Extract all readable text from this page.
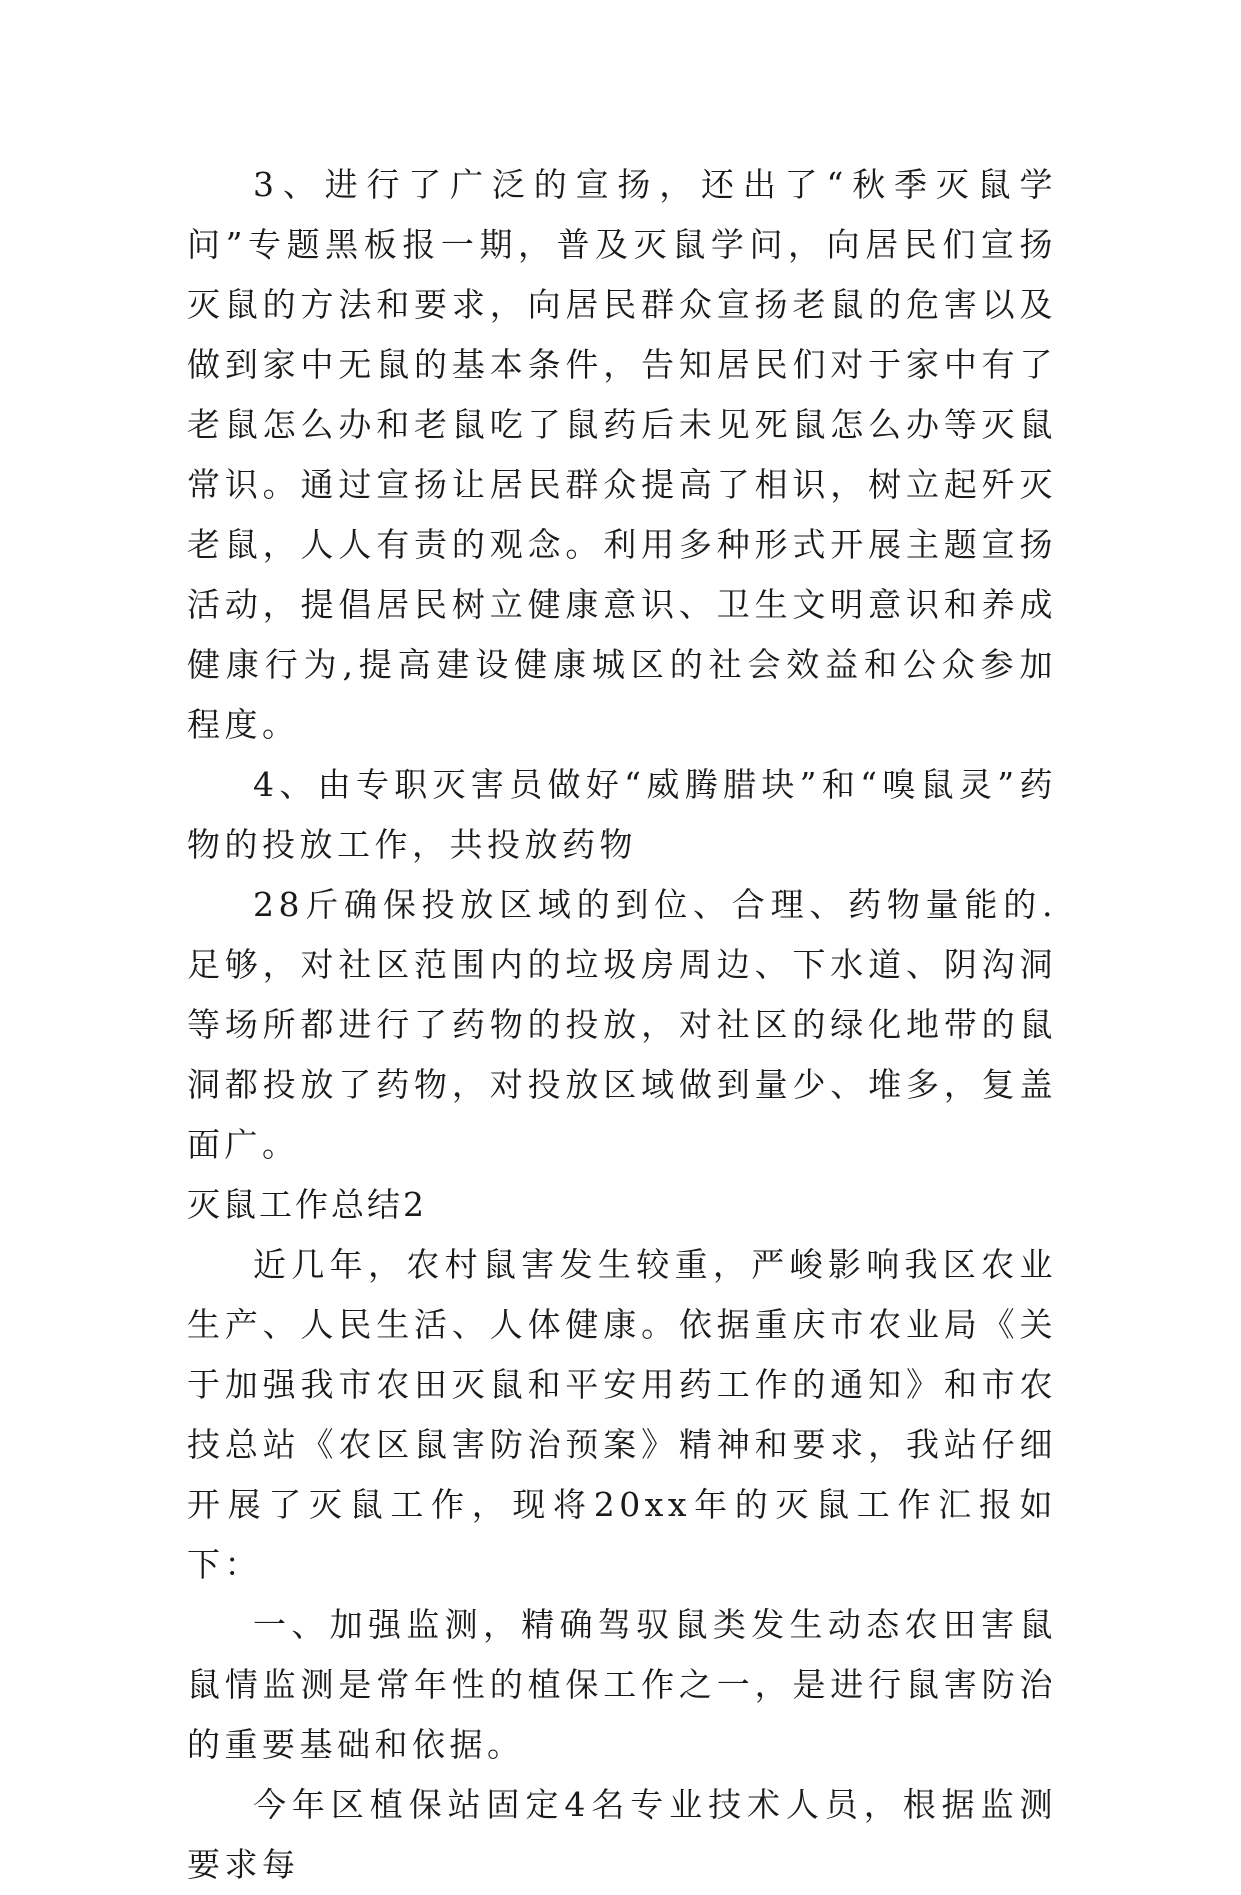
3、进行了广泛的宣扬，还出了“秋季灭鼠学问”专题黑板报一期，普及灭鼠学问，向居民们宣扬灭鼠的方法和要求，向居民群众宣扬老鼠的危害以及做到家中无鼠的基本条件，告知居民们对于家中有了老鼠怎么办和老鼠吃了鼠药后未见死鼠怎么办等灭鼠常识。通过宣扬让居民群众提高了相识，树立起歼灭老鼠，人人有责的观念。利用多种形式开展主题宣扬活动，提倡居民树立健康意识、卫生文明意识和养成健康行为,提高建设健康城区的社会效益和公众参加程度。

4、由专职灭害员做好“威腾腊块”和“嗅鼠灵”药物的投放工作，共投放药物

28斤确保投放区域的到位、合理、药物量能的.足够，对社区范围内的垃圾房周边、下水道、阴沟洞等场所都进行了药物的投放，对社区的绿化地带的鼠洞都投放了药物，对投放区域做到量少、堆多，复盖面广。

灭鼠工作总结2

近几年，农村鼠害发生较重，严峻影响我区农业生产、人民生活、人体健康。依据重庆市农业局《关于加强我市农田灭鼠和平安用药工作的通知》和市农技总站《农区鼠害防治预案》精神和要求，我站仔细开展了灭鼠工作，现将20xx年的灭鼠工作汇报如下：

一、加强监测，精确驾驭鼠类发生动态农田害鼠鼠情监测是常年性的植保工作之一，是进行鼠害防治的重要基础和依据。

今年区植保站固定4名专业技术人员，根据监测要求每
